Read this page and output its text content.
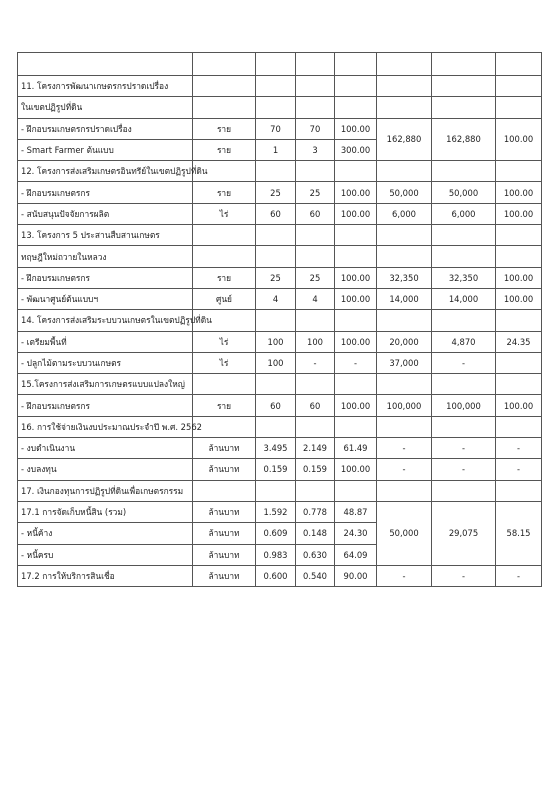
11. โครงการพัฒนาเกษตรกรปราดเปรื่อง							
ในเขตปฏิรูปที่ดิน							
- ฝึกอบรมเกษตรกรปราดเปรื่อง	ราย	70	70	100.00	162,880	162,880	100.00
- Smart Farmer ต้นแบบ	ราย	1	3	300.00			
12. โครงการส่งเสริมเกษตรอินทรีย์ในเขตปฏิรูปที่ดิน							
- ฝึกอบรมเกษตรกร	ราย	25	25	100.00	50,000	50,000	100.00
- สนับสนุนปัจจัยการผลิต	ไร่	60	60	100.00	6,000	6,000	100.00
13. โครงการ 5 ประสานสืบสานเกษตร							
ทฤษฎีใหม่ถวายในหลวง							
- ฝึกอบรมเกษตรกร	ราย	25	25	100.00	32,350	32,350	100.00
- พัฒนาศูนย์ต้นแบบฯ	ศูนย์	4	4	100.00	14,000	14,000	100.00
14. โครงการส่งเสริมระบบวนเกษตรในเขตปฏิรูปที่ดิน							
- เตรียมพื้นที่	ไร่	100	100	100.00	20,000	4,870	24.35
- ปลูกไม้ตามระบบวนเกษตร	ไร่	100	-	-	37,000	-	
15.โครงการส่งเสริมการเกษตรแบบแปลงใหญ่							
- ฝึกอบรมเกษตรกร	ราย	60	60	100.00	100,000	100,000	100.00
16. การใช้จ่ายเงินงบประมาณประจำปี พ.ศ. 2562							
- งบดำเนินงาน	ล้านบาท	3.495	2.149	61.49	-	-	-
- งบลงทุน	ล้านบาท	0.159	0.159	100.00	-	-	-
17. เงินกองทุนการปฏิรูปที่ดินเพื่อเกษตรกรรม							
17.1 การจัดเก็บหนี้สิน (รวม)	ล้านบาท	1.592	0.778	48.87	50,000	29,075	58.15
- หนี้ค้าง	ล้านบาท	0.609	0.148	24.30			
- หนี้ครบ	ล้านบาท	0.983	0.630	64.09			
17.2 การให้บริการสินเชื่อ	ล้านบาท	0.600	0.540	90.00	-	-	-
